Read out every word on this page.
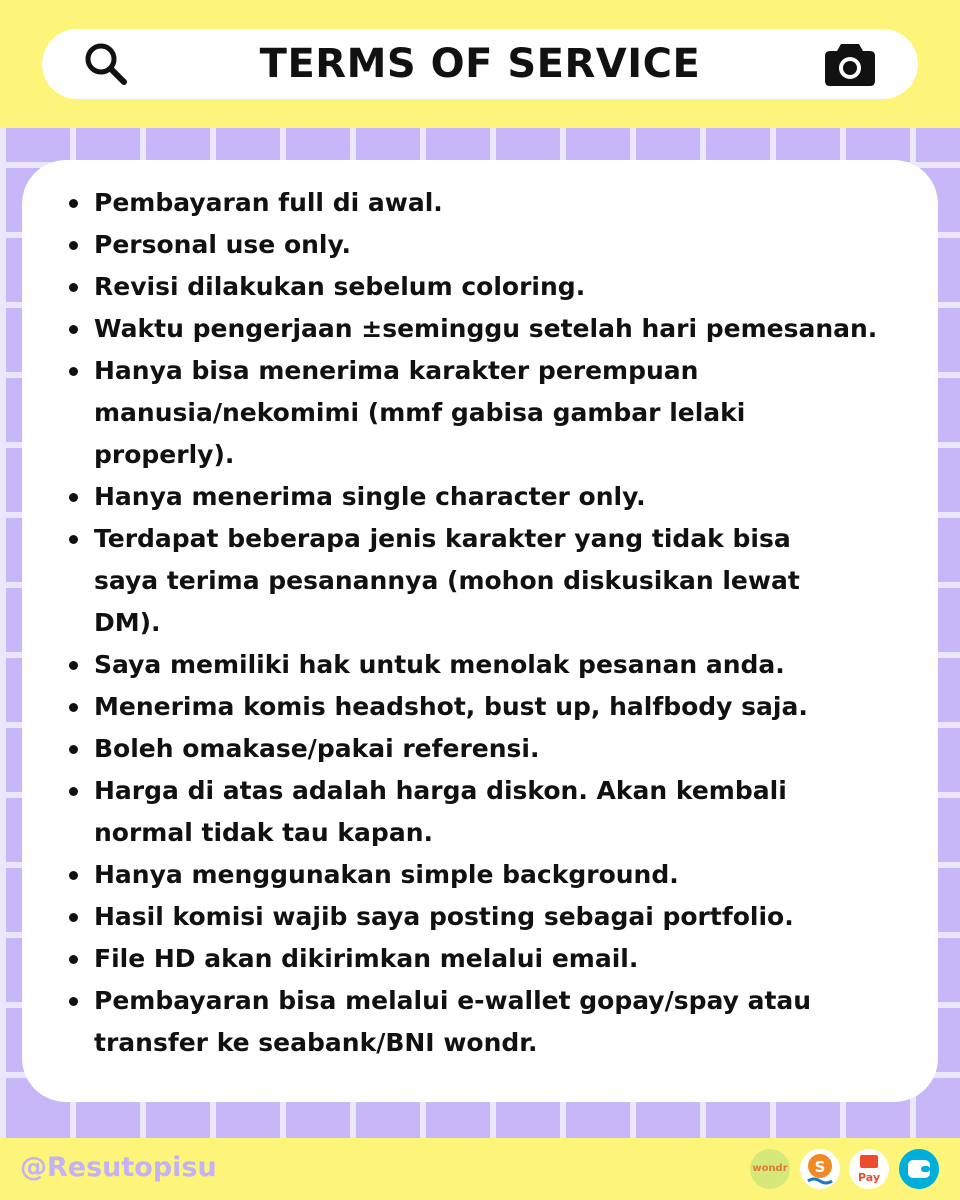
TERMS OF SERVICE
Pembayaran full di awal.
Personal use only.
Revisi dilakukan sebelum coloring.
Waktu pengerjaan ±seminggu setelah hari pemesanan.
Hanya bisa menerima karakter perempuan
manusia/nekomimi (mmf gabisa gambar lelaki
properly).
Hanya menerima single character only.
Terdapat beberapa jenis karakter yang tidak bisa
saya terima pesanannya (mohon diskusikan lewat
DM).
Saya memiliki hak untuk menolak pesanan anda.
Menerima komis headshot, bust up, halfbody saja.
Boleh omakase/pakai referensi.
Harga di atas adalah harga diskon. Akan kembali
normal tidak tau kapan.
Hanya menggunakan simple background.
Hasil komisi wajib saya posting sebagai portfolio.
File HD akan dikirimkan melalui email.
Pembayaran bisa melalui e-wallet gopay/spay atau
transfer ke seabank/BNI wondr.
@Resutopisu	wondr S
Pay
